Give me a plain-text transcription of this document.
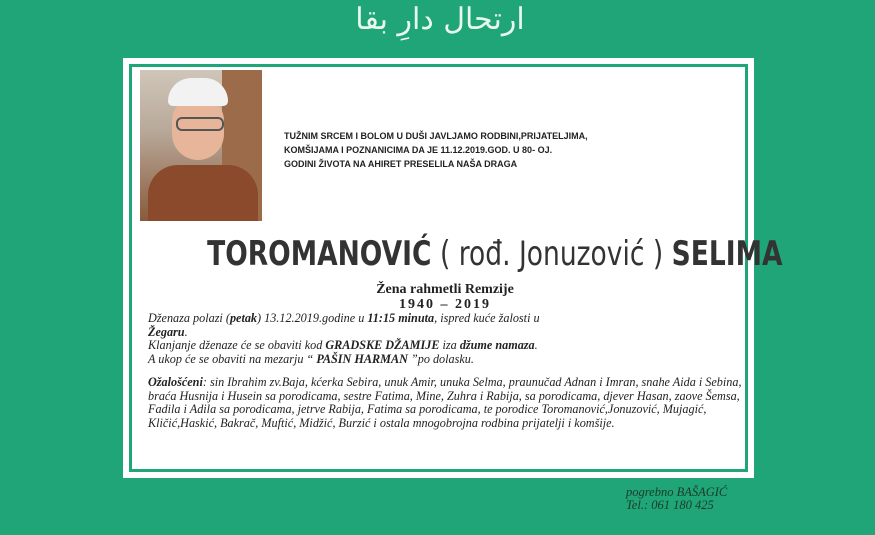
ارتحال دارِ بقا
TUŽNIM SRCEM I BOLOM U DUŠI JAVLJAMO RODBINI,PRIJATELJIMA,
KOMŠIJAMA I POZNANICIMA DA JE 11.12.2019.GOD. U 80- OJ.
GODINI ŽIVOTA NA AHIRET PRESELILA NAŠA DRAGA
TOROMANOVIĆ ( rođ. Jonuzović ) SELIMA
Žena rahmetli Remzije
1940 – 2019

Dženaza polazi (petak) 13.12.2019.godine u 11:15 minuta, ispred kuće žalosti u
Žegaru.

Klanjanje dženaze će se obaviti kod GRADSKE DŽAMIJE iza džume namaza.

A ukop će se obaviti na mezarju “ PAŠIN HARMAN ”po dolasku.

Ožalošćeni: sin Ibrahim zv.Baja, kćerka Sebira, unuk Amir, unuka Selma, praunučad Adnan i Imran, snahe Aida i Sebina, braća Husnija i Husein sa porodicama, sestre Fatima, Mine, Zuhra i Rabija, sa porodicama, djever Hasan, zaove Šemsa, Fadila i Adila sa porodicama, jetrve Rabija, Fatima sa porodicama, te porodice Toromanović,Jonuzović, Mujagić, Kličić,Haskić, Bakrač, Muftić, Midžić, Burzić i ostala mnogobrojna rodbina prijatelji i komšije.

pogrebno BAŠAGIĆ
Tel.: 061 180 425
